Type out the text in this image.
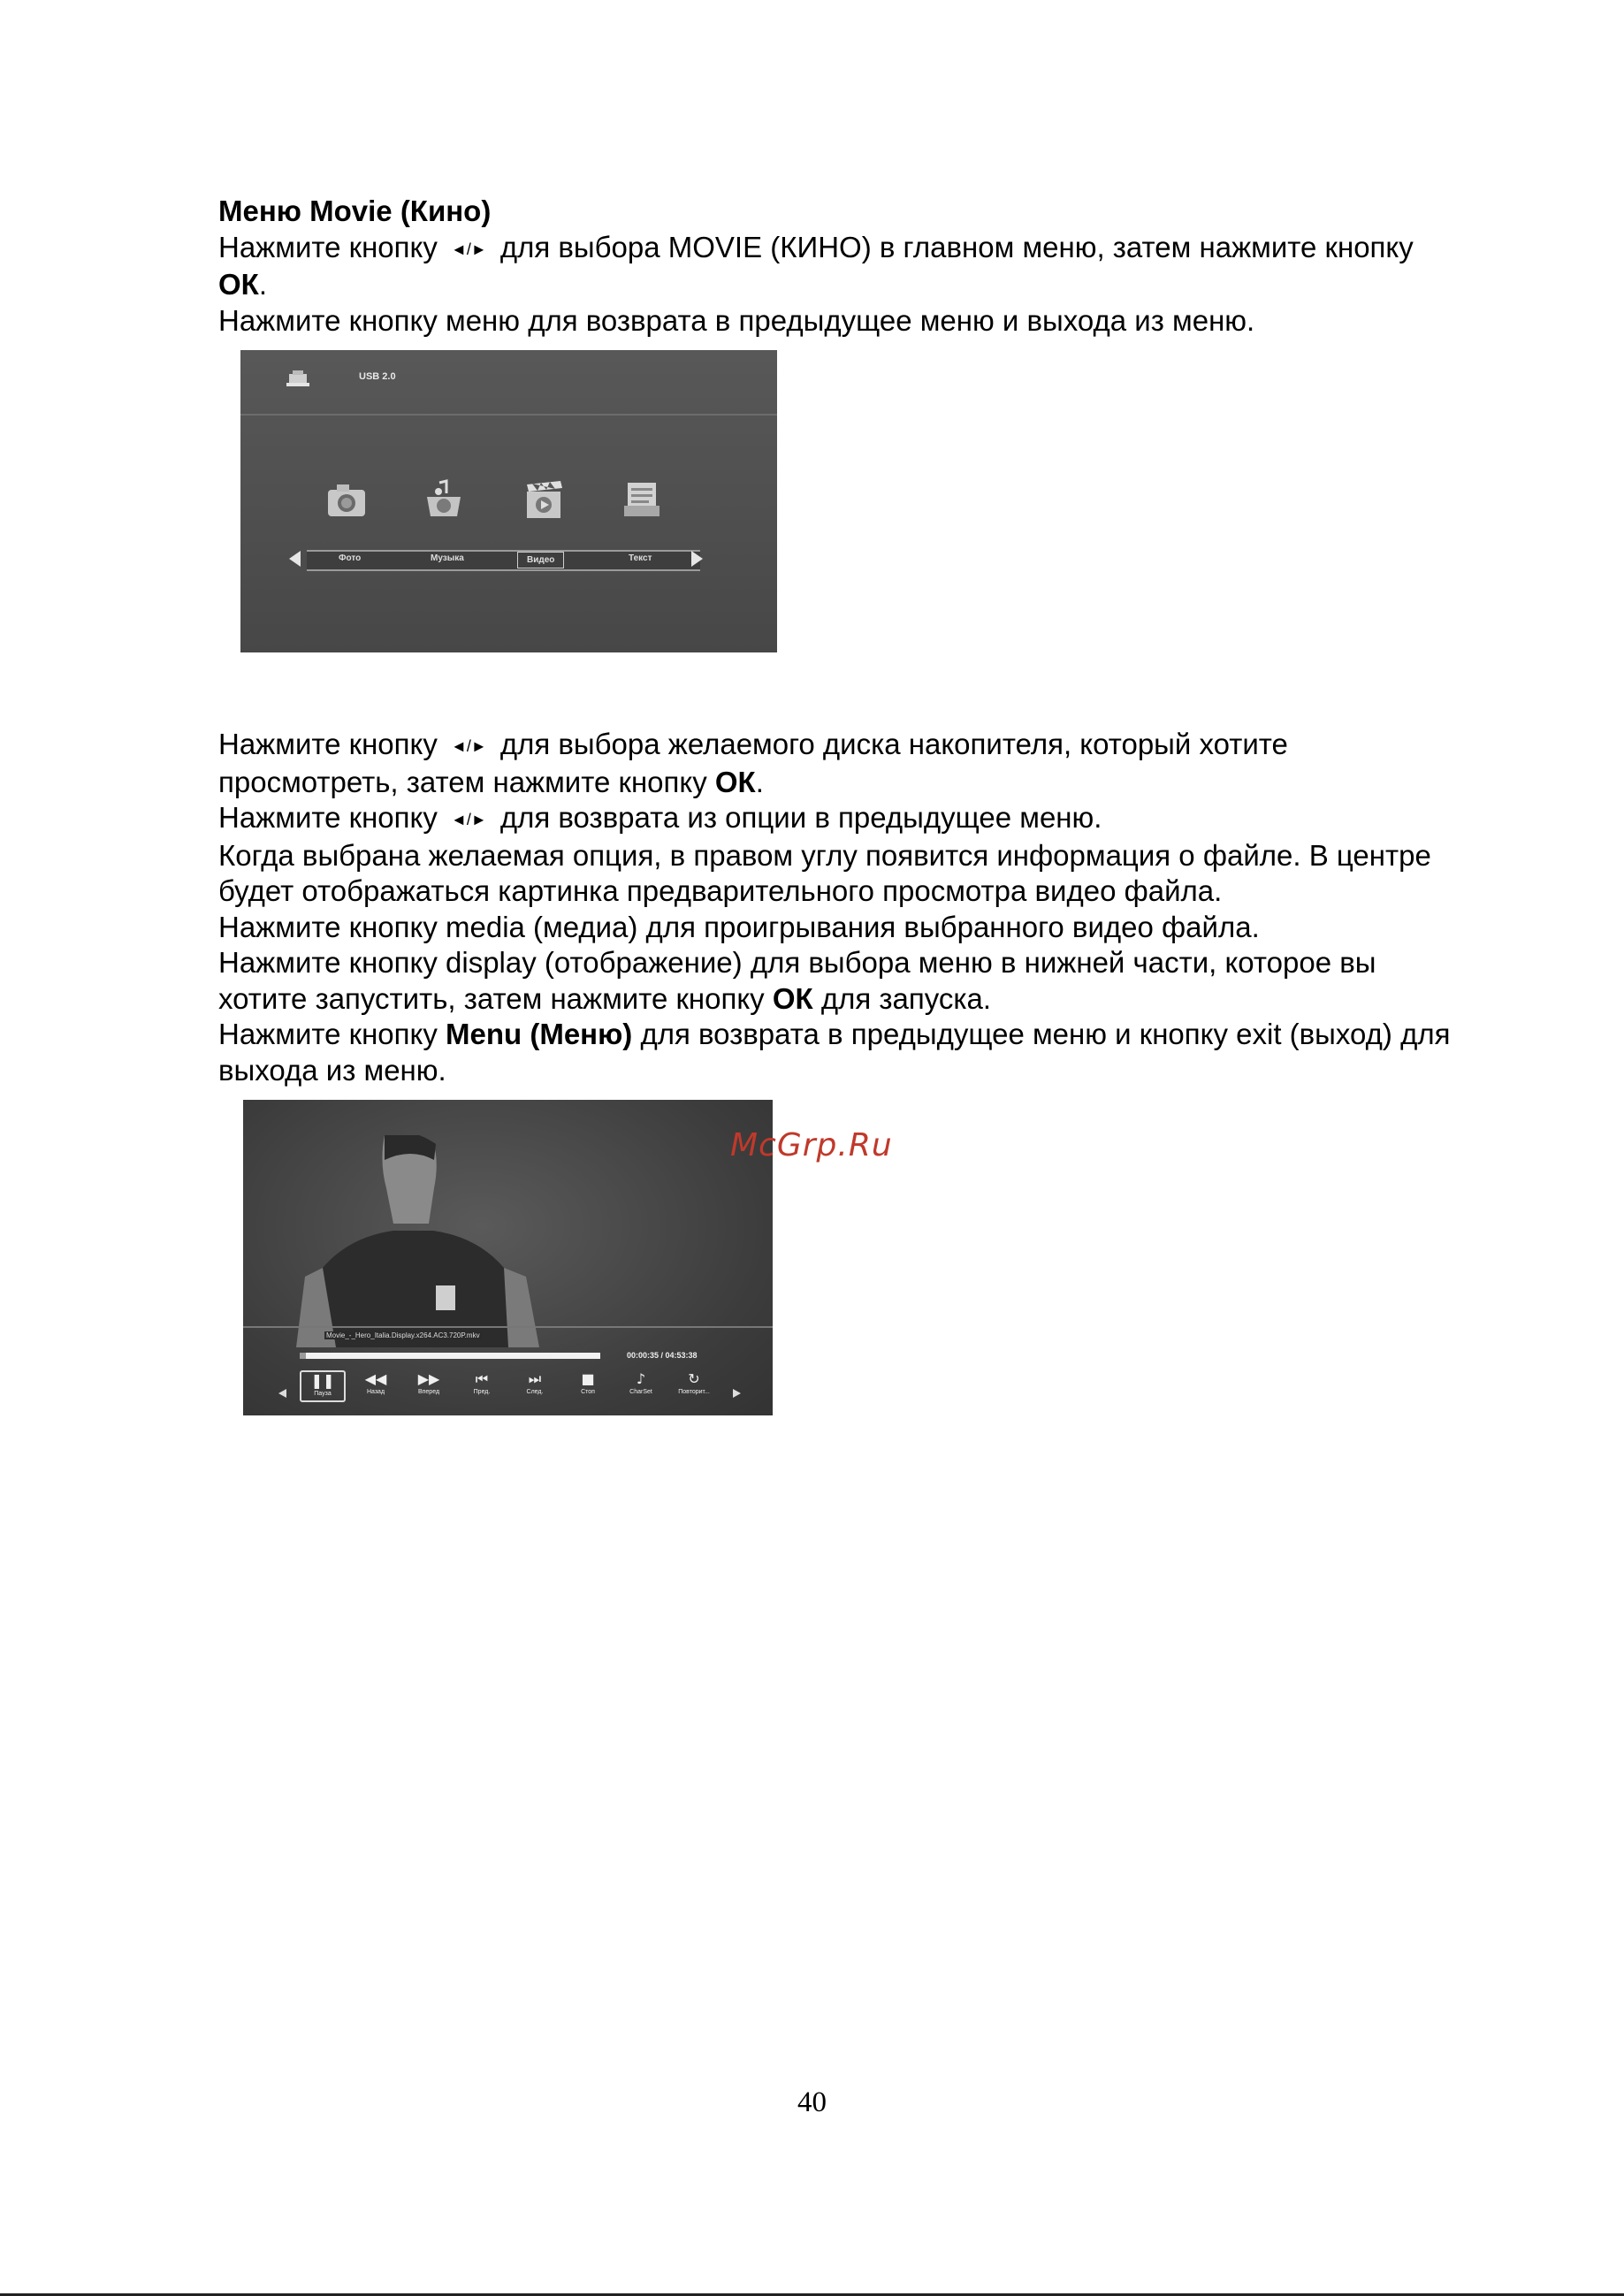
Меню Movie (Кино)

Нажмите кнопку ◄/► для выбора MOVIE (КИНО) в главном меню, затем нажмите кнопку ОК.

Нажмите кнопку меню для возврата в предыдущее меню и выхода из меню.

USB 2.0
Фото	Музыка	Видео	Текст

Нажмите кнопку ◄/► для выбора желаемого диска накопителя, который хотите просмотреть, затем нажмите кнопку ОК.

Нажмите кнопку ◄/► для возврата из опции в предыдущее меню.

Когда выбрана желаемая опция, в правом углу появится информация о файле. В центре будет отображаться картинка предварительного просмотра видео файла.

Нажмите кнопку media (медиа) для проигрывания выбранного видео файла.

Нажмите кнопку display (отображение) для выбора меню в нижней части, которое вы хотите запустить, затем нажмите кнопку ОК для запуска.

Нажмите кнопку Menu (Меню) для возврата в предыдущее меню и кнопку exit (выход) для выхода из меню.

Movie_-_Hero_Italia.Display.x264.AC3.720P.mkv
00:00:35 / 04:53:38
❚❚
Пауза
◀◀
Назад
▶▶
Вперед
⏮
Пред.
⏭
След.
■
Стоп
♪
CharSet
↻
Повторит...
McGrp.Ru
40
